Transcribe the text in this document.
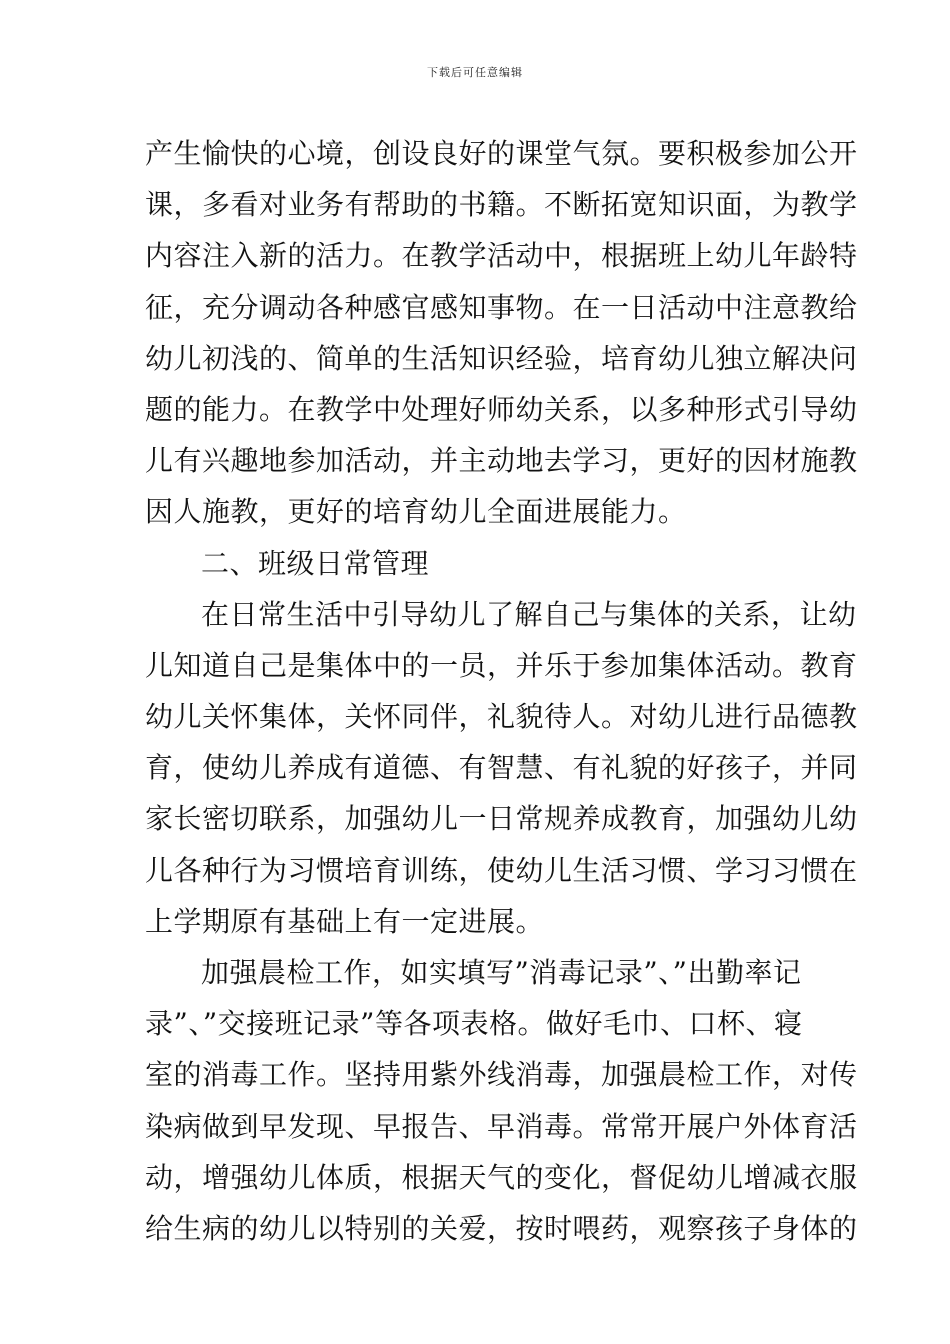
下载后可任意编辑
产生愉快的心境，创设良好的课堂气氛。要积极参加公开
课，多看对业务有帮助的书籍。不断拓宽知识面，为教学
内容注入新的活力。在教学活动中，根据班上幼儿年龄特
征，充分调动各种感官感知事物。在一日活动中注意教给
幼儿初浅的、简单的生活知识经验，培育幼儿独立解决问
题的能力。在教学中处理好师幼关系，以多种形式引导幼
儿有兴趣地参加活动，并主动地去学习，更好的因材施教
因人施教，更好的培育幼儿全面进展能力。
二、班级日常管理
在日常生活中引导幼儿了解自己与集体的关系，让幼
儿知道自己是集体中的一员，并乐于参加集体活动。教育
幼儿关怀集体，关怀同伴，礼貌待人。对幼儿进行品德教
育，使幼儿养成有道德、有智慧、有礼貌的好孩子，并同
家长密切联系，加强幼儿一日常规养成教育，加强幼儿幼
儿各种行为习惯培育训练，使幼儿生活习惯、学习习惯在
上学期原有基础上有一定进展。
加强晨检工作，如实填写”消毒记录”、”出勤率记
录”、”交接班记录”等各项表格。做好毛巾、口杯、寝
室的消毒工作。坚持用紫外线消毒，加强晨检工作，对传
染病做到早发现、早报告、早消毒。常常开展户外体育活
动，增强幼儿体质，根据天气的变化，督促幼儿增减衣服
给生病的幼儿以特别的关爱，按时喂药，观察孩子身体的
